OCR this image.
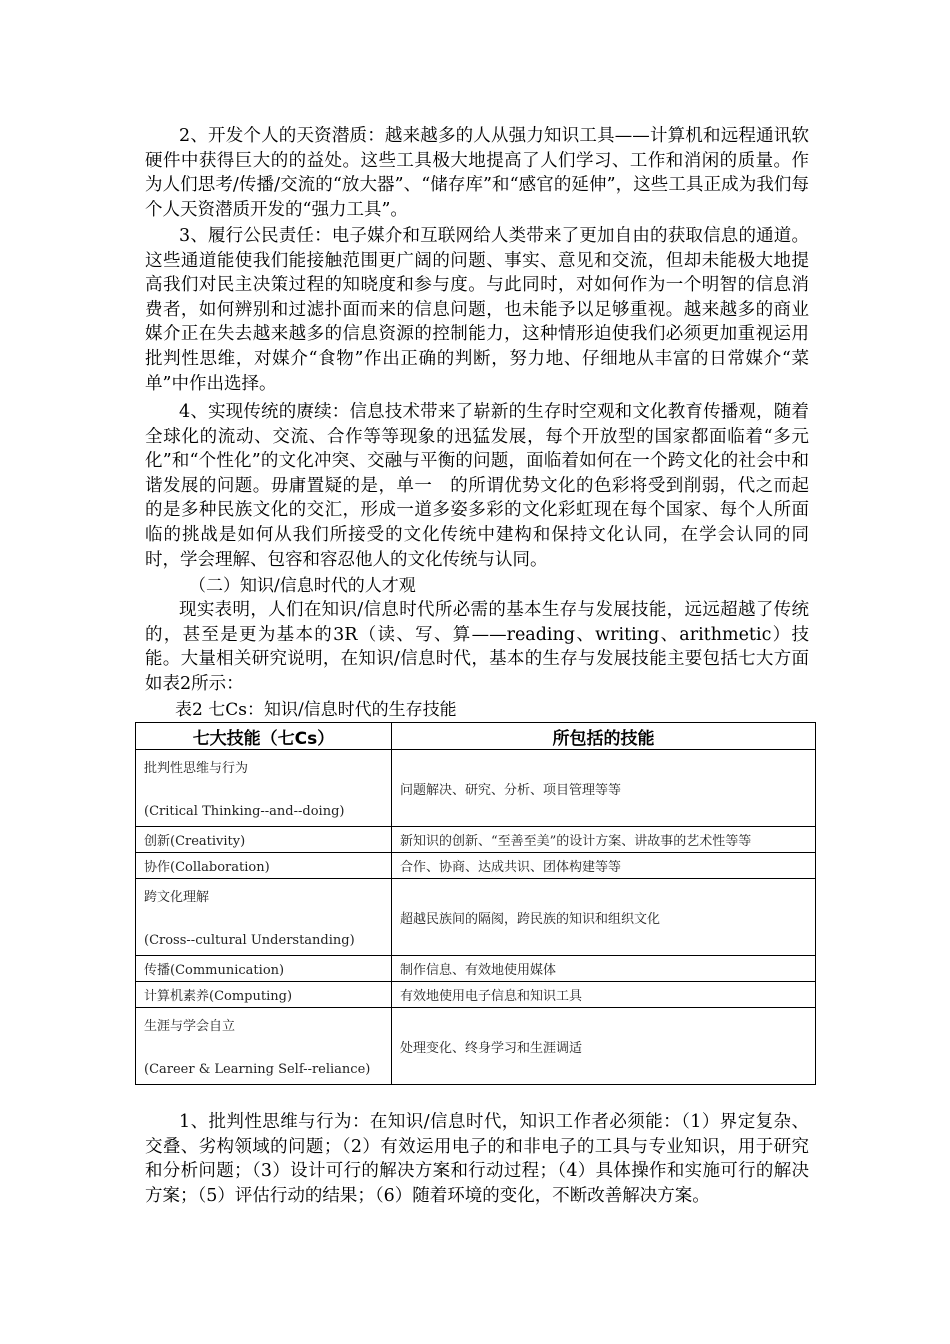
2、开发个人的天资潜质：越来越多的人从强力知识工具——计算机和远程通讯软硬件中获得巨大的的益处。这些工具极大地提高了人们学习、工作和消闲的质量。作为人们思考/传播/交流的“放大器”、“储存库”和“感官的延伸”，这些工具正成为我们每个人天资潜质开发的“强力工具”。

3、履行公民责任：电子媒介和互联网给人类带来了更加自由的获取信息的通道。这些通道能使我们能接触范围更广阔的问题、事实、意见和交流，但却未能极大地提高我们对民主决策过程的知晓度和参与度。与此同时，对如何作为一个明智的信息消费者，如何辨别和过滤扑面而来的信息问题，也未能予以足够重视。越来越多的商业媒介正在失去越来越多的信息资源的控制能力，这种情形迫使我们必须更加重视运用批判性思维，对媒介“食物”作出正确的判断，努力地、仔细地从丰富的日常媒介“菜单”中作出选择。

4、实现传统的赓续：信息技术带来了崭新的生存时空观和文化教育传播观，随着全球化的流动、交流、合作等等现象的迅猛发展，每个开放型的国家都面临着“多元化”和“个性化”的文化冲突、交融与平衡的问题，面临着如何在一个跨文化的社会中和谐发展的问题。毋庸置疑的是，单一　的所谓优势文化的色彩将受到削弱，代之而起的是多种民族文化的交汇，形成一道多姿多彩的文化彩虹现在每个国家、每个人所面临的挑战是如何从我们所接受的文化传统中建构和保持文化认同，在学会认同的同时，学会理解、包容和容忍他人的文化传统与认同。

（二）知识/信息时代的人才观

现实表明，人们在知识/信息时代所必需的基本生存与发展技能，远远超越了传统的，甚至是更为基本的3R（读、写、算——reading、writing、arithmetic）技能。大量相关研究说明，在知识/信息时代，基本的生存与发展技能主要包括七大方面如表2所示：

表2 七Cs：知识/信息时代的生存技能

七大技能（七Cs）	所包括的技能

批判性思维与行为
(Critical Thinking--and--doing)	问题解决、研究、分析、项目管理等等
创新(Creativity)	新知识的创新、“至善至美”的设计方案、讲故事的艺术性等等
协作(Collaboration)	合作、协商、达成共识、团体构建等等

跨文化理解
(Cross--cultural Understanding)	超越民族间的隔阂，跨民族的知识和组织文化
传播(Communication)	制作信息、有效地使用媒体
计算机素养(Computing)	有效地使用电子信息和知识工具

生涯与学会自立
(Career & Learning Self--reliance)	处理变化、终身学习和生涯调适

1、批判性思维与行为：在知识/信息时代，知识工作者必须能：（1）界定复杂、交叠、劣构领域的问题；（2）有效运用电子的和非电子的工具与专业知识，用于研究和分析问题；（3）设计可行的解决方案和行动过程；（4）具体操作和实施可行的解决方案；（5）评估行动的结果；（6）随着环境的变化，不断改善解决方案。
